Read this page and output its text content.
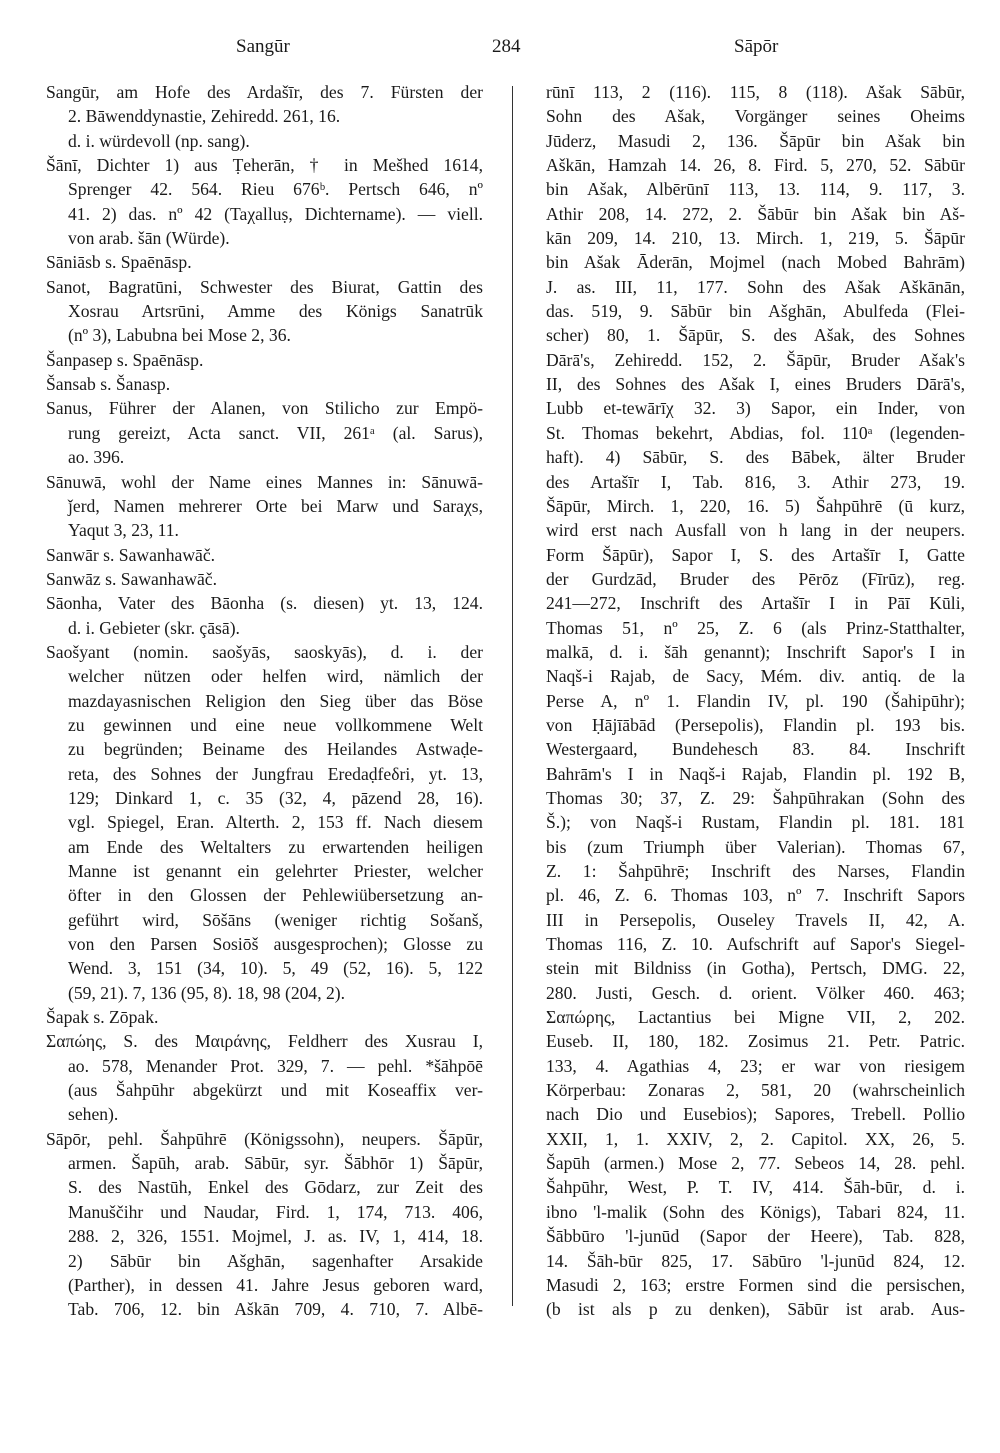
Sangūr	284	Sāpōr
Sangūr, am Hofe des Ardašīr, des 7. Fürsten der
2. Bāwenddynastie, Zehiredd. 261, 16.
d. i. würdevoll (np. sang).
Šānī, Dichter 1) aus Ṭeherān, † in Mešhed 1614,
Sprenger 42. 564. Rieu 676ᵇ. Pertsch 646, nº
41. 2) das. nº 42 (Taχalluṣ, Dichtername). — viell.
von arab. šān (Würde).
Sāniāsb s. Spaēnāsp.
Sanot, Bagratūni, Schwester des Biurat, Gattin des
Xosrau Artsrūni, Amme des Königs Sanatrūk
(nº 3), Labubna bei Mose 2, 36.
Šanpasep s. Spaēnāsp.
Šansab s. Šanasp.
Sanus, Führer der Alanen, von Stilicho zur Empö-
rung gereizt, Acta sanct. VII, 261ᵃ (al. Sarus),
ao. 396.
Sānuwā, wohl der Name eines Mannes in: Sānuwā-
ǰerd, Namen mehrerer Orte bei Marw und Saraχs,
Yaqut 3, 23, 11.
Sanwār s. Sawanhawāč.
Sanwāz s. Sawanhawāč.
Sāonha, Vater des Bāonha (s. diesen) yt. 13, 124.
d. i. Gebieter (skr. çāsā).
Saošyant (nomin. saošyās, saoskyās), d. i. der
welcher nützen oder helfen wird, nämlich der
mazdayasnischen Religion den Sieg über das Böse
zu gewinnen und eine neue vollkommene Welt
zu begründen; Beiname des Heilandes Astwaḍe-
reta, des Sohnes der Jungfrau Eredaḍfeδri, yt. 13,
129; Dinkard 1, c. 35 (32, 4, pāzend 28, 16).
vgl. Spiegel, Eran. Alterth. 2, 153 ff. Nach diesem
am Ende des Weltalters zu erwartenden heiligen
Manne ist genannt ein gelehrter Priester, welcher
öfter in den Glossen der Pehlewiübersetzung an-
geführt wird, Sōšāns (weniger richtig Sošanš,
von den Parsen Sosiōš ausgesprochen); Glosse zu
Wend. 3, 151 (34, 10). 5, 49 (52, 16). 5, 122
(59, 21). 7, 136 (95, 8). 18, 98 (204, 2).
Šapak s. Zōpak.
Σαπώης, S. des Μαιράνης, Feldherr des Xusrau I,
ao. 578, Menander Prot. 329, 7. — pehl. *šāhpōē
(aus Šahpūhr abgekürzt und mit Koseaffix ver-
sehen).
Sāpōr, pehl. Šahpūhrē (Königssohn), neupers. Šāpūr,
armen. Šapūh, arab. Sābūr, syr. Šābhōr 1) Šāpūr,
S. des Nastūh, Enkel des Gōdarz, zur Zeit des
Manuščihr und Naudar, Fird. 1, 174, 713. 406,
288. 2, 326, 1551. Mojmel, J. as. IV, 1, 414, 18.
2) Sābūr bin Ašghān, sagenhafter Arsakide
(Parther), in dessen 41. Jahre Jesus geboren ward,
Tab. 706, 12. bin Aškān 709, 4. 710, 7. Albē-
rūnī 113, 2 (116). 115, 8 (118). Ašak Sābūr,
Sohn des Ašak, Vorgänger seines Oheims
Jūderz, Masudi 2, 136. Šāpūr bin Ašak bin
Aškān, Hamzah 14. 26, 8. Fird. 5, 270, 52. Sābūr
bin Ašak, Albērūnī 113, 13. 114, 9. 117, 3.
Athir 208, 14. 272, 2. Šābūr bin Ašak bin Aš-
kān 209, 14. 210, 13. Mirch. 1, 219, 5. Šāpūr
bin Ašak Āderān, Mojmel (nach Mobed Bahrām)
J. as. III, 11, 177. Sohn des Ašak Aškānān,
das. 519, 9. Sābūr bin Ašghān, Abulfeda (Flei-
scher) 80, 1. Šāpūr, S. des Ašak, des Sohnes
Dārā's, Zehiredd. 152, 2. Šāpūr, Bruder Ašak's
II, des Sohnes des Ašak I, eines Bruders Dārā's,
Lubb et-tewārīχ 32. 3) Sapor, ein Inder, von
St. Thomas bekehrt, Abdias, fol. 110ᵃ (legenden-
haft). 4) Sābūr, S. des Bābek, älter Bruder
des Artašīr I, Tab. 816, 3. Athir 273, 19.
Šāpūr, Mirch. 1, 220, 16. 5) Šahpūhrē (ū kurz,
wird erst nach Ausfall von h lang in der neupers.
Form Šāpūr), Sapor I, S. des Artašīr I, Gatte
der Gurdzād, Bruder des Pērōz (Fīrūz), reg.
241—272, Inschrift des Artašīr I in Pāī Kūli,
Thomas 51, nº 25, Z. 6 (als Prinz-Statthalter,
malkā, d. i. šāh genannt); Inschrift Sapor's I in
Naqš-i Rajab, de Sacy, Mém. div. antiq. de la
Perse A, nº 1. Flandin IV, pl. 190 (Šahipūhr);
von Ḥājīābād (Persepolis), Flandin pl. 193 bis.
Westergaard, Bundehesch 83. 84. Inschrift
Bahrām's I in Naqš-i Rajab, Flandin pl. 192 B,
Thomas 30; 37, Z. 29: Šahpūhrakan (Sohn des
Š.); von Naqš-i Rustam, Flandin pl. 181. 181
bis (zum Triumph über Valerian). Thomas 67,
Z. 1: Šahpūhrē; Inschrift des Narses, Flandin
pl. 46, Z. 6. Thomas 103, nº 7. Inschrift Sapors
III in Persepolis, Ouseley Travels II, 42, A.
Thomas 116, Z. 10. Aufschrift auf Sapor's Siegel-
stein mit Bildniss (in Gotha), Pertsch, DMG. 22,
280. Justi, Gesch. d. orient. Völker 460. 463;
Σαπώρης, Lactantius bei Migne VII, 2, 202.
Euseb. II, 180, 182. Zosimus 21. Petr. Patric.
133, 4. Agathias 4, 23; er war von riesigem
Körperbau: Zonaras 2, 581, 20 (wahrscheinlich
nach Dio und Eusebios); Sapores, Trebell. Pollio
XXII, 1, 1. XXIV, 2, 2. Capitol. XX, 26, 5.
Šapūh (armen.) Mose 2, 77. Sebeos 14, 28. pehl.
Šahpūhr, West, P. T. IV, 414. Šāh-būr, d. i.
ibno 'l-malik (Sohn des Königs), Tabari 824, 11.
Šābbūro 'l-junūd (Sapor der Heere), Tab. 828,
14. Šāh-būr 825, 17. Sābūro 'l-junūd 824, 12.
Masudi 2, 163; erstre Formen sind die persischen,
(b ist als p zu denken), Sābūr ist arab. Aus-
